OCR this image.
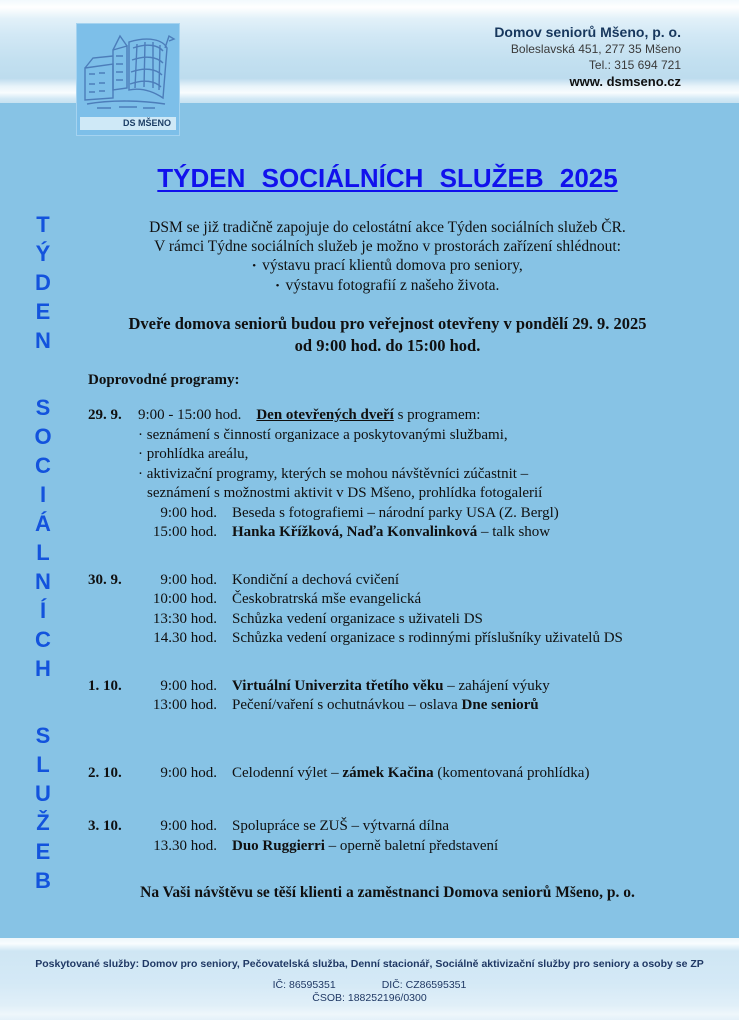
Domov seniorů Mšeno, p. o.
Boleslavská 451, 277 35 Mšeno
Tel.: 315 694 721
www. dsmseno.cz
DS MŠENO
T
Ý
D
E
N
S
O
C
I
Á
L
N
Í
C
H
S
L
U
Ž
E
B
TÝDEN SOCIÁLNÍCH SLUŽEB 2025
DSM se již tradičně zapojuje do celostátní akce Týden sociálních služeb ČR.
V rámci Týdne sociálních služeb je možno v prostorách zařízení shlédnout:
• výstavu prací klientů domova pro seniory,
• výstavu fotografií z našeho života.
Dveře domova seniorů budou pro veřejnost otevřeny v pondělí 29. 9. 2025
od 9:00 hod. do 15:00 hod.
Doprovodné programy:
29. 9.	9:00 - 15:00 hod. Den otevřených dveří s programem:
· seznámení s činností organizace a poskytovanými službami,
· prohlídka areálu,
· aktivizační programy, kterých se mohou návštěvníci zúčastnit –
seznámení s možnostmi aktivit v DS Mšeno, prohlídka fotogalerií
9:00 hod. Beseda s fotografiemi – národní parky USA (Z. Bergl)
15:00 hod. Hanka Křížková, Naďa Konvalinková – talk show
30. 9.	9:00 hod. Kondiční a dechová cvičení
10:00 hod. Českobratrská mše evangelická
13:30 hod. Schůzka vedení organizace s uživateli DS
14.30 hod. Schůzka vedení organizace s rodinnými příslušníky uživatelů DS
1. 10.	9:00 hod. Virtuální Univerzita třetího věku – zahájení výuky
13:00 hod. Pečení/vaření s ochutnávkou – oslava Dne seniorů
2. 10.	9:00 hod. Celodenní výlet – zámek Kačina (komentovaná prohlídka)
3. 10.	9:00 hod. Spolupráce se ZUŠ – výtvarná dílna
13.30 hod. Duo Ruggierri – operně baletní představení
Na Vaši návštěvu se těší klienti a zaměstnanci Domova seniorů Mšeno, p. o.
Poskytované služby: Domov pro seniory, Pečovatelská služba, Denní stacionář, Sociálně aktivizační služby pro seniory a osoby se ZP
IČ: 86595351	DIČ: CZ86595351
ČSOB: 188252196/0300
